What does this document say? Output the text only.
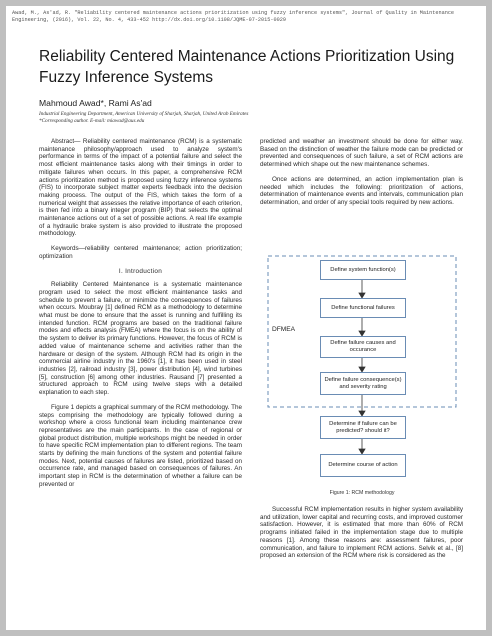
Awad, M., As'ad, R. "Reliability centered maintenance actions prioritization using fuzzy inference systems", Journal of Quality in Maintenance Engineering, (2016), Vol. 22, No. 4, 433-452 http://dx.doi.org/10.1108/JQME-07-2015-0029
Reliability Centered Maintenance Actions Prioritization Using Fuzzy Inference Systems
Mahmoud Awad*, Rami As'ad
Industrial Engineering Department, American University of Sharjah, Sharjah, United Arab Emirates
*Corresponding author. E-mail: miawad@aus.edu

Abstract— Reliability centered maintenance (RCM) is a systematic maintenance philosophy/approach used to analyze system's performance in terms of the impact of a potential failure and select the most efficient maintenance tasks along with their timings in order to mitigate failures when occurs. In this paper, a comprehensive RCM actions prioritization method is proposed using fuzzy inference systems (FIS) to incorporate subject matter experts feedback into the decision making process. The output of the FIS, which takes the form of a numerical weight that assesses the relative importance of each criterion, is then fed into a binary integer program (BIP) that selects the optimal maintenance actions out of a set of possible actions. A real life example of a hydraulic brake system is also provided to illustrate the proposed methodology.

Keywords—reliability centered maintenance; action prioritization; optimization

I. Introduction

Reliability Centered Maintenance is a systematic maintenance program used to select the most efficient maintenance tasks and schedule to prevent a failure, or minimize the consequences of failures when occurs. Moubray [1] defined RCM as a methodology to determine what must be done to ensure that the asset is running and fulfilling its intended function. RCM programs are based on the traditional failure modes and effects analysis (FMEA) where the focus is on the ability of the system to deliver its primary functions. However, the focus of RCM is added value of maintenance scheme and activities rather than the hardware or design of the system. Although RCM had its origin in the commercial airline industry in the 1960's [1], it has been used in steel industries [2], railroad industry [3], power distribution [4], wind turbines [5], construction [6] among other industries. Rausand [7] presented a structured approach to RCM using twelve steps with a detailed explanation to each step.

Figure 1 depicts a graphical summary of the RCM methodology. The steps comprising the methodology are typically followed during a workshop where a cross functional team including maintenance crew representatives are the main participants. In the case of regional or global product distribution, multiple workshops might be needed in order to have specific RCM implementation plan to different regions. The team starts by defining the main functions of the system and potential failure modes. Next, potential causes of failures are listed, prioritized based on occurrence rate, and managed based on consequences of failures. An important step in RCM is the determination of whether a failure can be prevented or

predicted and weather an investment should be done for either way. Based on the distinction of weather the failure mode can be predicted or prevented and consequences of such failure, a set of RCM actions are determined which shape out the new maintenance schemes.

Once actions are determined, an action implementation plan is needed which includes the following: prioritization of actions, determination of maintenance events and intervals, communication plan determination, and order of any special tools required by new actions.

DFMEA
Define system function(s)
Define functional failures
Define failure causes and occurance
Define failure consequence(s) and severity rating
Determine if failure can be predicted? should it?
Determine course of action
Figure 1: RCM methodology

Successful RCM implementation results in higher system availability and utilization, lower capital and recurring costs, and improved customer satisfaction. However, it is estimated that more than 60% of RCM programs initiated failed in the implementation stage due to multiple reasons [1]. Among these reasons are: assessment failures, poor communication, and failure to implement RCM actions. Selvik et al., [8] proposed an extension of the RCM where risk is considered as the
